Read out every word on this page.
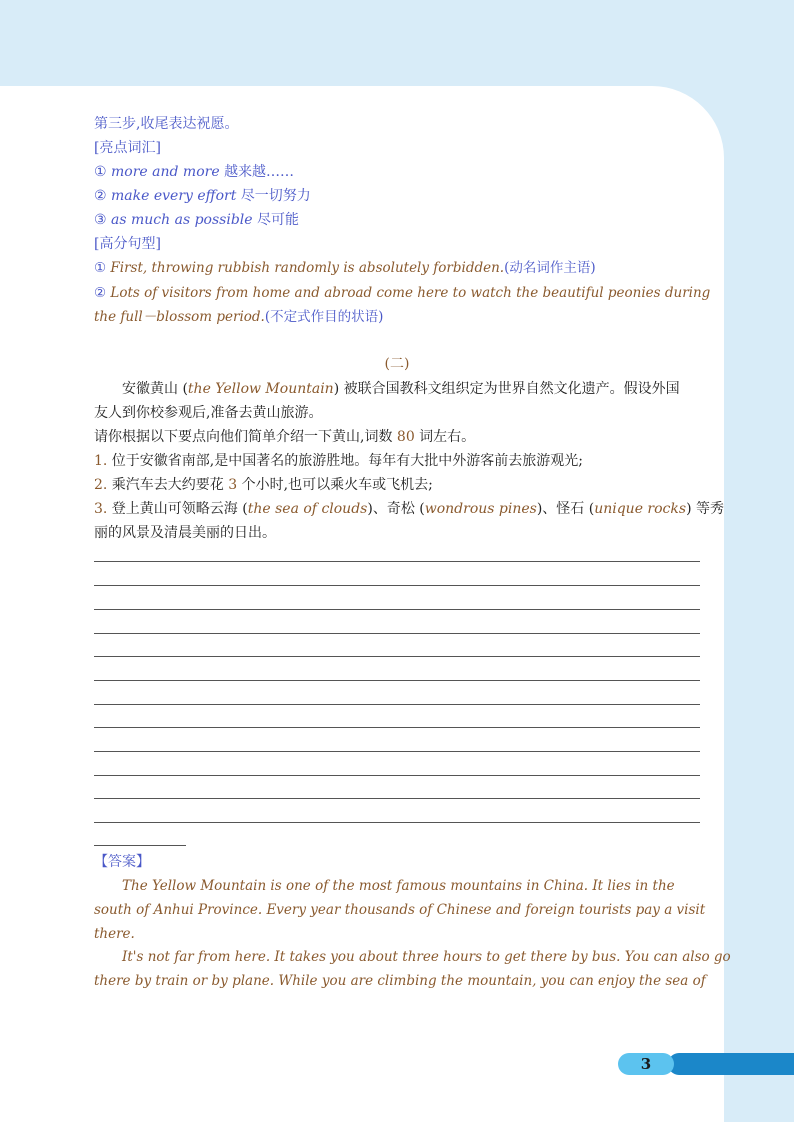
第三步,收尾表达祝愿。
[亮点词汇]
① more and more 越来越……
② make every effort 尽一切努力
③ as much as possible 尽可能
[高分句型]
① First, throwing rubbish randomly is absolutely forbidden.(动名词作主语)
② Lots of visitors from home and abroad come here to watch the beautiful peonies during
the full－blossom period.(不定式作目的状语)
(二)
安徽黄山 (the Yellow Mountain) 被联合国教科文组织定为世界自然文化遗产。假设外国
友人到你校参观后,准备去黄山旅游。
请你根据以下要点向他们简单介绍一下黄山,词数 80 词左右。
1. 位于安徽省南部,是中国著名的旅游胜地。每年有大批中外游客前去旅游观光;
2. 乘汽车去大约要花 3 个小时,也可以乘火车或飞机去;
3. 登上黄山可领略云海 (the sea of clouds)、奇松 (wondrous pines)、怪石 (unique rocks) 等秀
丽的风景及清晨美丽的日出。
【答案】
The Yellow Mountain is one of the most famous mountains in China. It lies in the
south of Anhui Province. Every year thousands of Chinese and foreign tourists pay a visit
there.
It's not far from here. It takes you about three hours to get there by bus. You can also go
there by train or by plane. While you are climbing the mountain, you can enjoy the sea of
3
